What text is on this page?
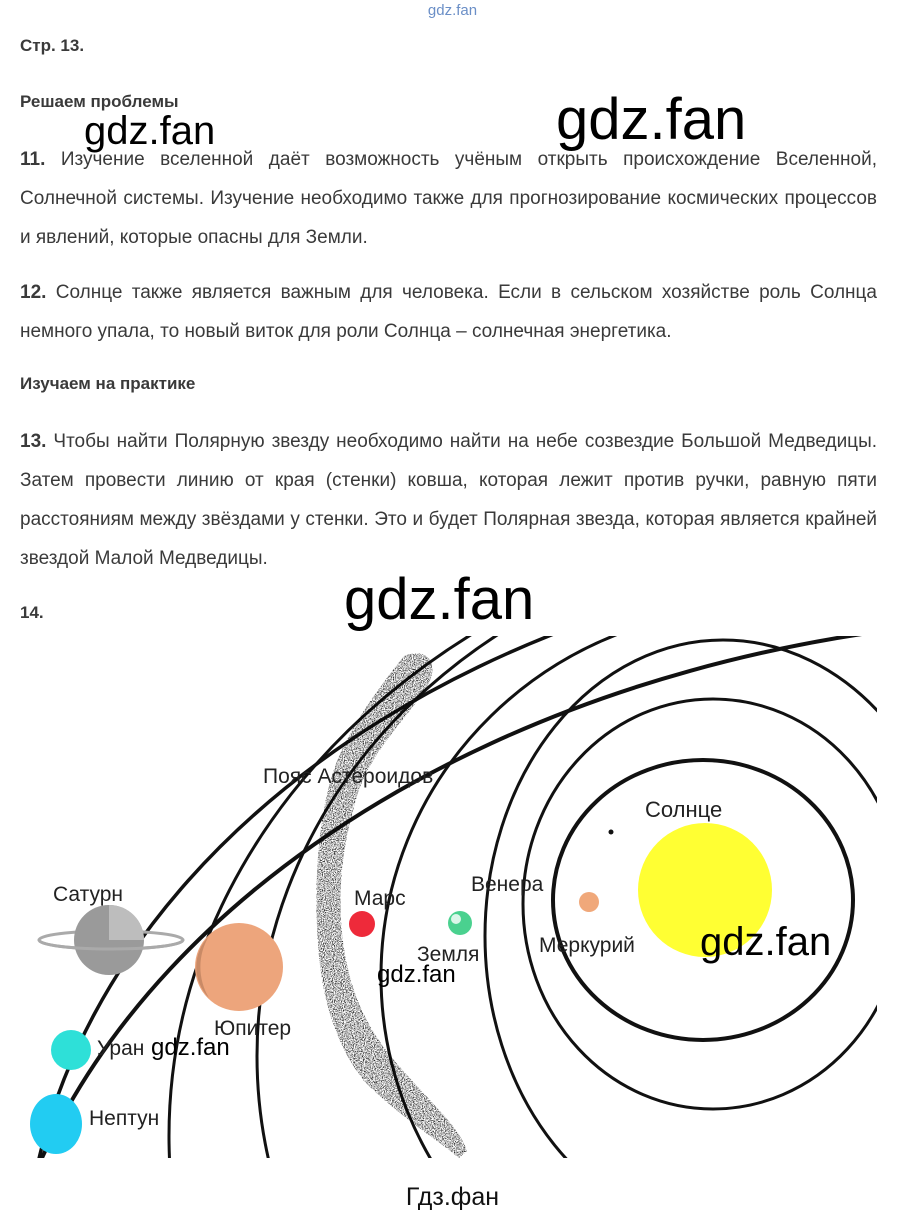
gdz.fan
Стр. 13.
Решаем проблемы	gdz.fan
gdz.fan
11. Изучение вселенной даёт возможность учёным открыть происхождение Вселенной, Солнечной системы. Изучение необходимо также для прогнозирование космических процессов и явлений, которые опасны для Земли.
12. Солнце также является важным для человека. Если в сельском хозяйстве роль Солнца немного упала, то новый виток для роли Солнца – солнечная энергетика.
Изучаем на практике
13. Чтобы найти Полярную звезду необходимо найти на небе созвездие Большой Медведицы. Затем провести линию от края (стенки) ковша, которая лежит против ручки, равную пяти расстояниям между звёздами у стенки. Это и будет Полярная звезда, которая является крайней звездой Малой Медведицы.
14.	gdz.fan
Солнце
Меркурий
Венера
Земля
Марс
Пояс Астероидов
Юпитер
Сатурн
Уран
Нептун
gdz.fan
gdz.fan
gdz.fan
Гдз.фан
